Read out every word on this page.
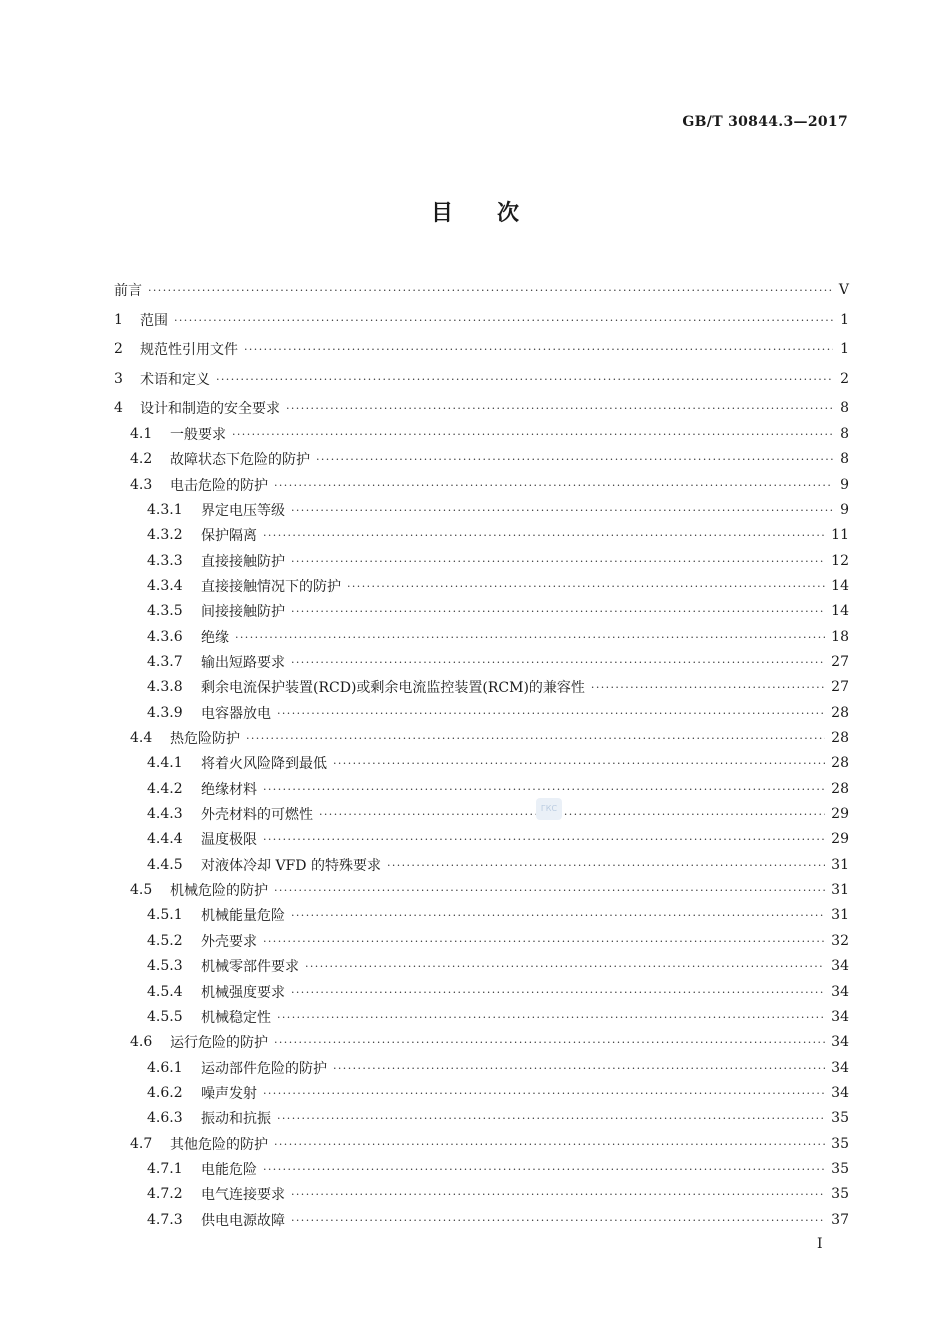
GB/T 30844.3—2017
目 次
前言 ·····	V
1	范围 ·····	1
2	规范性引用文件 ·····	1
3	术语和定义 ·····	2
4	设计和制造的安全要求 ·····	8
4.1	一般要求 ·····	8
4.2	故障状态下危险的防护 ·····	8
4.3	电击危险的防护 ·····	9
4.3.1	界定电压等级 ·····	9
4.3.2	保护隔离 ·····	11
4.3.3	直接接触防护 ·····	12
4.3.4	直接接触情况下的防护 ·····	14
4.3.5	间接接触防护 ·····	14
4.3.6	绝缘 ·····	18
4.3.7	输出短路要求 ·····	27
4.3.8	剩余电流保护装置(RCD)或剩余电流监控装置(RCM)的兼容性 ·····	27
4.3.9	电容器放电 ·····	28
4.4	热危险防护 ·····	28
4.4.1	将着火风险降到最低 ·····	28
4.4.2	绝缘材料 ·····	28
4.4.3	外壳材料的可燃性 ·····	29
4.4.4	温度极限 ·····	29
4.4.5	对液体冷却 VFD 的特殊要求 ·····	31
4.5	机械危险的防护 ·····	31
4.5.1	机械能量危险 ·····	31
4.5.2	外壳要求 ·····	32
4.5.3	机械零部件要求 ·····	34
4.5.4	机械强度要求 ·····	34
4.5.5	机械稳定性 ·····	34
4.6	运行危险的防护 ·····	34
4.6.1	运动部件危险的防护 ·····	34
4.6.2	噪声发射 ·····	34
4.6.3	振动和抗振 ·····	35
4.7	其他危险的防护 ·····	35
4.7.1	电能危险 ·····	35
4.7.2	电气连接要求 ·····	35
4.7.3	供电电源故障 ·····	37
ГКС
I
